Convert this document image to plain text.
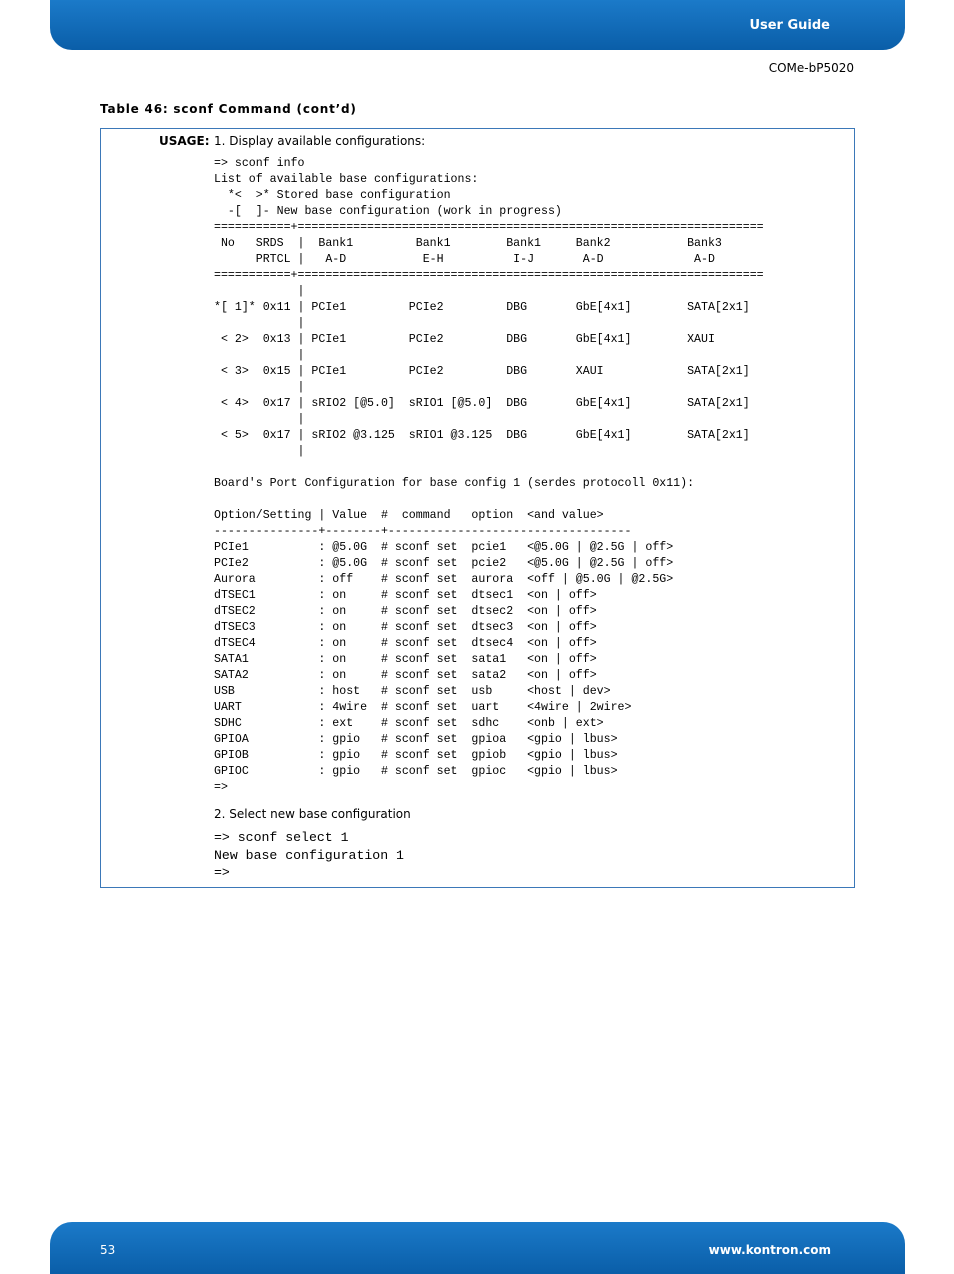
User Guide
COMe-bP5020
Table 46: sconf Command (cont’d)
USAGE: 1. Display available configurations:
=> sconf info
List of available base configurations:
*<  >* Stored base configuration
-[  ]- New base configuration (work in progress)
===========+===================================================================
No   SRDS  |  Bank1         Bank1        Bank1     Bank2           Bank3
PRTCL |   A-D           E-H          I-J       A-D             A-D
===========+===================================================================
|
*[ 1]* 0x11 | PCIe1         PCIe2         DBG       GbE[4x1]        SATA[2x1]
|
< 2>  0x13 | PCIe1         PCIe2         DBG       GbE[4x1]        XAUI
|
< 3>  0x15 | PCIe1         PCIe2         DBG       XAUI            SATA[2x1]
|
< 4>  0x17 | sRIO2 [@5.0]  sRIO1 [@5.0]  DBG       GbE[4x1]        SATA[2x1]
|
< 5>  0x17 | sRIO2 @3.125  sRIO1 @3.125  DBG       GbE[4x1]        SATA[2x1]
|

Board's Port Configuration for base config 1 (serdes protocoll 0x11):

Option/Setting | Value  #  command   option  <and value>
---------------+--------+-----------------------------------
PCIe1          : @5.0G  # sconf set  pcie1   <@5.0G | @2.5G | off>
PCIe2          : @5.0G  # sconf set  pcie2   <@5.0G | @2.5G | off>
Aurora         : off    # sconf set  aurora  <off | @5.0G | @2.5G>
dTSEC1         : on     # sconf set  dtsec1  <on | off>
dTSEC2         : on     # sconf set  dtsec2  <on | off>
dTSEC3         : on     # sconf set  dtsec3  <on | off>
dTSEC4         : on     # sconf set  dtsec4  <on | off>
SATA1          : on     # sconf set  sata1   <on | off>
SATA2          : on     # sconf set  sata2   <on | off>
USB            : host   # sconf set  usb     <host | dev>
UART           : 4wire  # sconf set  uart    <4wire | 2wire>
SDHC           : ext    # sconf set  sdhc    <onb | ext>
GPIOA          : gpio   # sconf set  gpioa   <gpio | lbus>
GPIOB          : gpio   # sconf set  gpiob   <gpio | lbus>
GPIOC          : gpio   # sconf set  gpioc   <gpio | lbus>
=>
2. Select new base configuration
=> sconf select 1
New base configuration 1
=>
53	www.kontron.com
